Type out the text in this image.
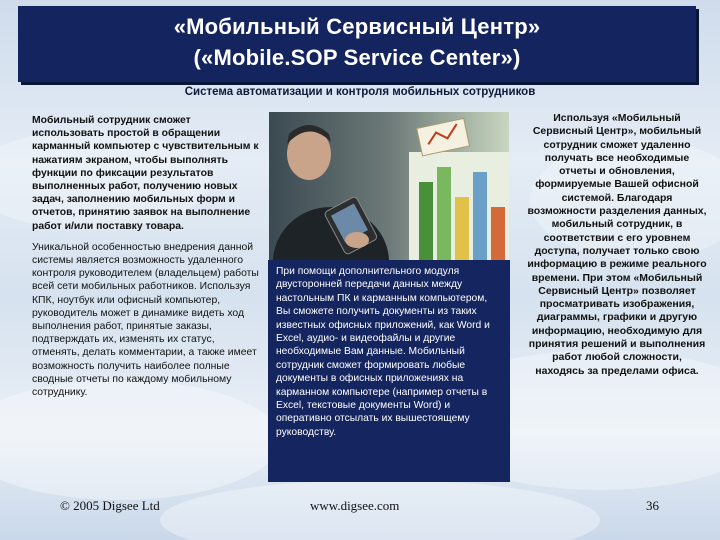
«Мобильный Сервисный Центр»
(«Mobile.SOP Service Center»)
Система автоматизации и контроля мобильных сотрудников
Мобильный сотрудник сможет использовать простой в обращении карманный компьютер с чувствительным к нажатиям экраном, чтобы выполнять функции по фиксации результатов выполненных работ, получению новых задач, заполнению мобильных форм и отчетов, принятию заявок на выполнение работ и/или поставку товара.
Уникальной особенностью внедрения данной системы является возможность удаленного контроля руководителем (владельцем) работы всей сети мобильных работников. Используя КПК, ноутбук или офисный компьютер, руководитель может в динамике видеть ход выполнения работ, принятые заказы, подтверждать их, изменять их статус, отменять, делать комментарии, а также имеет возможность получить наиболее полные сводные отчеты по каждому мобильному сотруднику.
При помощи дополнительного модуля двусторонней передачи данных между настольным ПК и карманным компьютером, Вы сможете получить документы из таких известных офисных приложений, как Word и Excel, аудио- и видеофайлы и другие необходимые Вам данные. Мобильный сотрудник сможет формировать любые документы в офисных приложениях на карманном компьютере (например отчеты в Excel, текстовые документы Word) и оперативно отсылать их вышестоящему руководству.
Используя «Мобильный Сервисный Центр», мобильный сотрудник сможет удаленно получать все необходимые отчеты и обновления, формируемые Вашей офисной системой. Благодаря возможности разделения данных, мобильный сотрудник, в соответствии с его уровнем доступа, получает только свою информацию в режиме реального времени. При этом «Мобильный Сервисный Центр» позволяет просматривать изображения, диаграммы, графики и другую информацию, необходимую для принятия решений и выполнения работ любой сложности, находясь за пределами офиса.
© 2005 Digsee Ltd	www.digsee.com	36
